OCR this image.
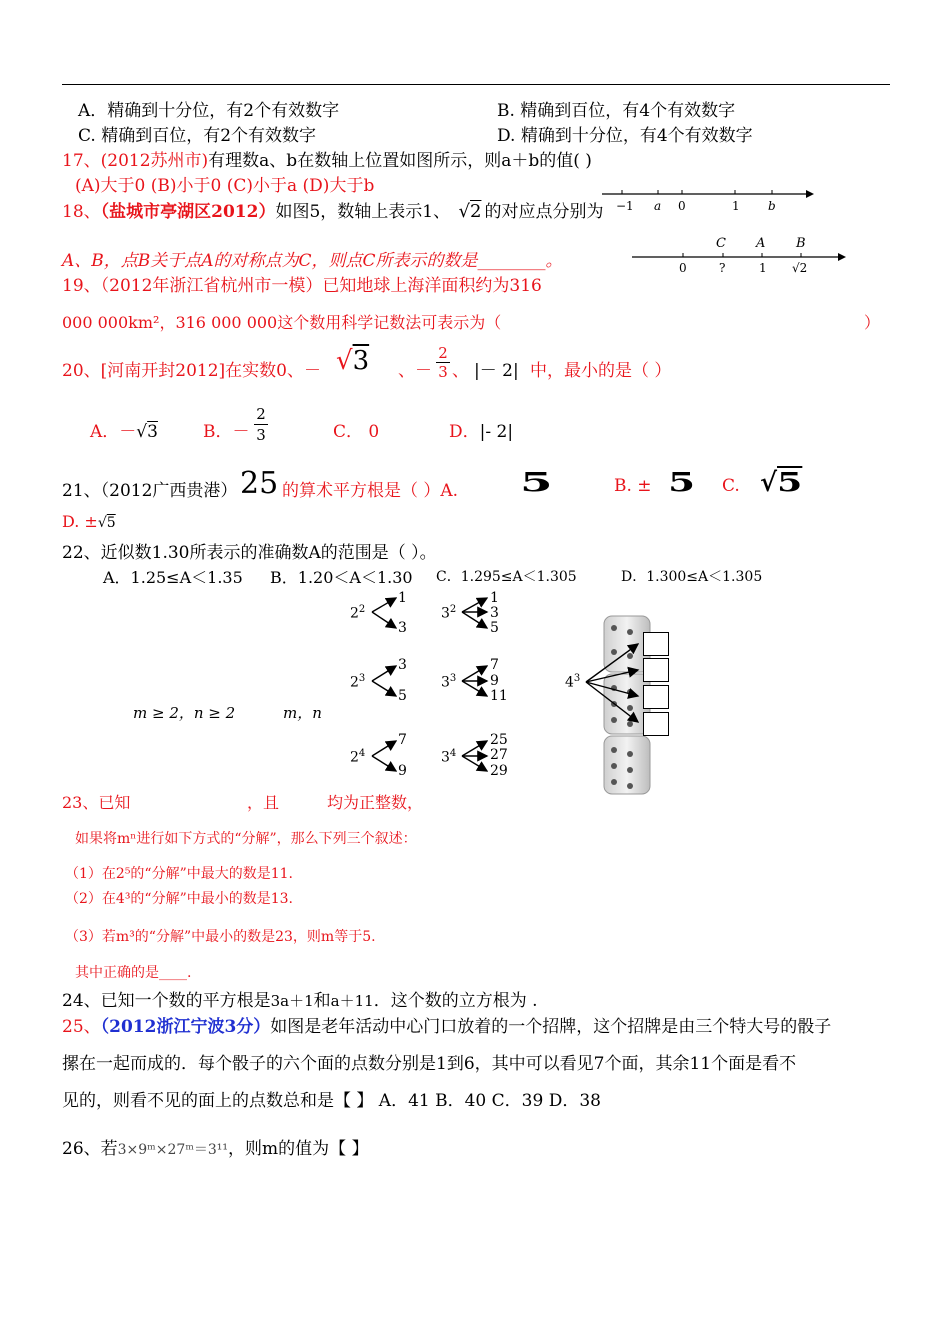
A．精确到十分位，有2个有效数字	B. 精确到百位，有4个有效数字
C. 精确到百位，有2个有效数字	D. 精确到十分位，有4个有效数字
17、(2012苏州市)有理数a、b在数轴上位置如图所示，则a＋b的值( )
(A)大于0 (B)小于0 (C)小于a (D)大于b
−1 a 0	1 b
18、（盐城市亭湖区2012）如图5，数轴上表示1、 √2 的对应点分别为
A、B，点B关于点A的对称点为C，则点C所表示的数是________。
C A B
0	?	1 √2
19、（2012年浙江省杭州市一模）已知地球上海洋面积约为316
000 000km²，316 000 000这个数用科学记数法可表示为（	）
20、[河南开封2012]在实数0、－ √3 、－
2
3 、 |－ 2| 中，最小的是（ ）
A．－√3	B．－
2
3	C． 0	D．|- 2|
21、（2012广西贵港） 25 的算术平方根是（ ）A. 5	B. ± 5 C. √5
D. ±√5
22、近似数1.30所表示的准确数A的范围是（ ）。
A．1.25≤A＜1.35 B．1.20＜A＜1.30 C．1.295≤A＜1.305	D．1.300≤A＜1.305
$2^2$
1
3
$3^2$
1
3
5
$2^3$
3
5
$3^3$
7
9
11
$2^4$
7
9
$3^4$
25
27
29
m ≥ 2，n ≥ 2	m，n
$4^3$
23、已知	，且	均为正整数，
如果将mⁿ进行如下方式的“分解”，那么下列三个叙述：
（1）在2⁵的“分解”中最大的数是11.
（2）在4³的“分解”中最小的数是13.
（3）若m³的“分解”中最小的数是23，则m等于5.
其中正确的是____.
24、已知一个数的平方根是3a＋1和a＋11．这个数的立方根为 .
25、（2012浙江宁波3分）如图是老年活动中心门口放着的一个招牌，这个招牌是由三个特大号的骰子
摞在一起而成的．每个骰子的六个面的点数分别是1到6，其中可以看见7个面，其余11个面是看不
见的，则看不见的面上的点数总和是【 】 A．41 B．40 C．39 D．38
26、若3×9ᵐ×27ᵐ＝3¹¹，则m的值为【 】
